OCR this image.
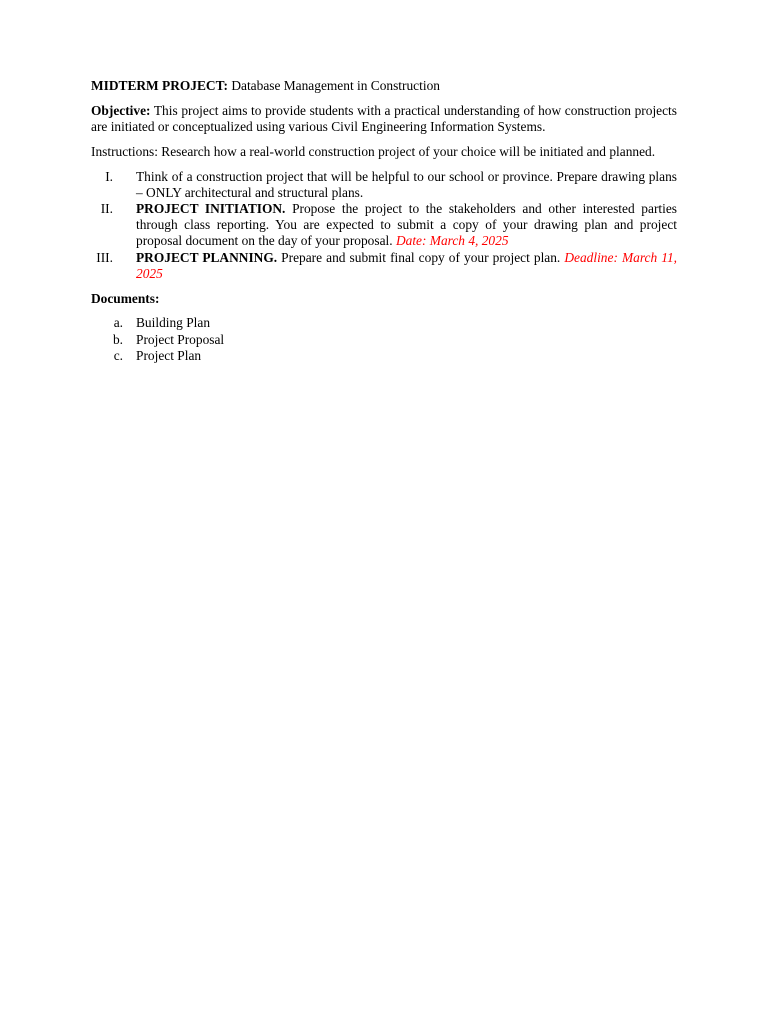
MIDTERM PROJECT: Database Management in Construction

Objective: This project aims to provide students with a practical understanding of how construction projects are initiated or conceptualized using various Civil Engineering Information Systems.

Instructions: Research how a real-world construction project of your choice will be initiated and planned.

I. Think of a construction project that will be helpful to our school or province. Prepare drawing plans – ONLY architectural and structural plans.
II. PROJECT INITIATION. Propose the project to the stakeholders and other interested parties through class reporting. You are expected to submit a copy of your drawing plan and project proposal document on the day of your proposal. Date: March 4, 2025
III. PROJECT PLANNING. Prepare and submit final copy of your project plan. Deadline: March 11, 2025

Documents:

a. Building Plan
b. Project Proposal
c. Project Plan
